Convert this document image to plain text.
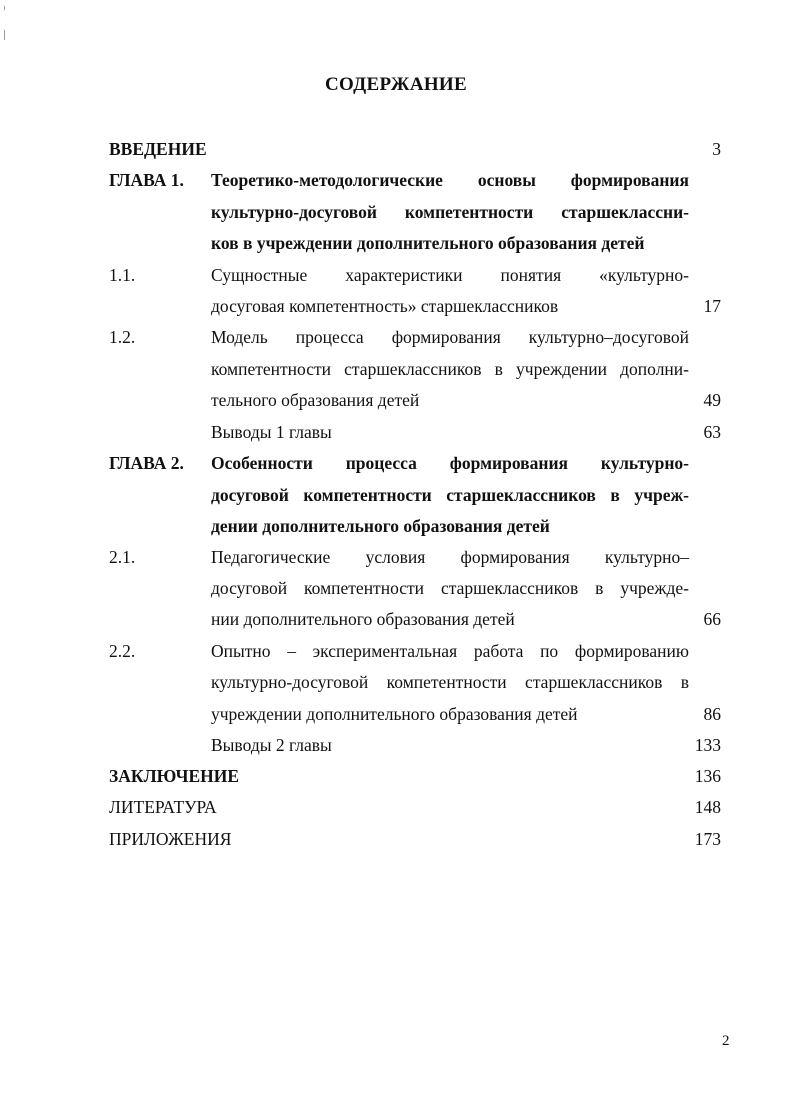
СОДЕРЖАНИЕ
ВВЕДЕНИЕ	3
ГЛАВА 1. Теоретико-методологические основы формирования
культурно-досуговой компетентности старшеклассни-
ков в учреждении дополнительного образования детей
1.1.	Сущностные характеристики понятия «культурно-
досуговая компетентность» старшеклассников	17
1.2.	Модель процесса формирования культурно–досуговой
компетентности старшеклассников в учреждении дополни-
тельного образования детей	49
Выводы 1 главы	63
ГЛАВА 2. Особенности процесса формирования культурно-
досуговой компетентности старшеклассников в учреж-
дении дополнительного образования детей
2.1.	Педагогические условия формирования культурно–
досуговой компетентности старшеклассников в учрежде-
нии дополнительного образования детей	66
2.2.	Опытно – экспериментальная работа по формированию
культурно-досуговой компетентности старшеклассников в
учреждении дополнительного образования детей	86
Выводы 2 главы	133
ЗАКЛЮЧЕНИЕ	136
ЛИТЕРАТУРА	148
ПРИЛОЖЕНИЯ	173
2
